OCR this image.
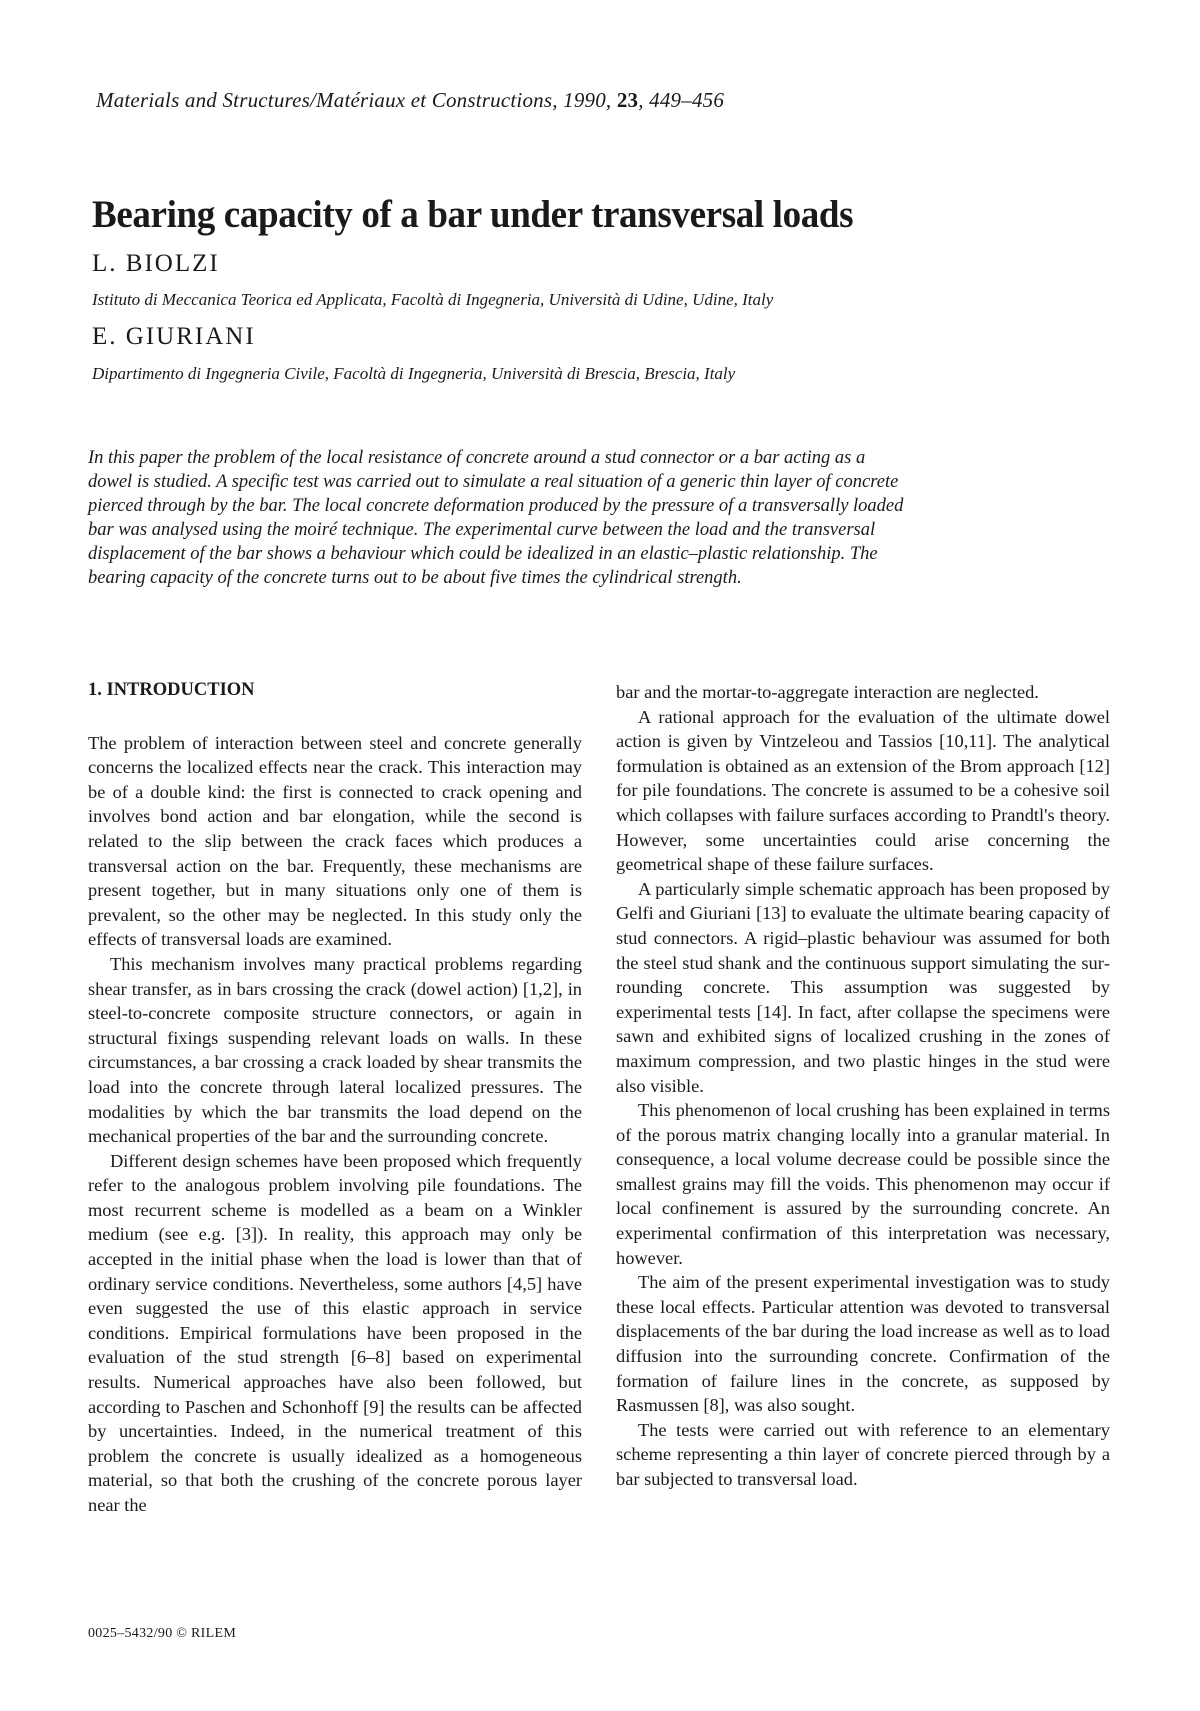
Materials and Structures/Matériaux et Constructions, 1990, 23, 449–456
Bearing capacity of a bar under transversal loads
L. BIOLZI
Istituto di Meccanica Teorica ed Applicata, Facoltà di Ingegneria, Università di Udine, Udine, Italy
E. GIURIANI
Dipartimento di Ingegneria Civile, Facoltà di Ingegneria, Università di Brescia, Brescia, Italy

In this paper the problem of the local resistance of concrete around a stud connector or a bar acting as a dowel is studied. A specific test was carried out to simulate a real situation of a generic thin layer of concrete pierced through by the bar. The local concrete deformation produced by the pressure of a transversally loaded bar was analysed using the moiré technique. The experimental curve between the load and the transversal displacement of the bar shows a behaviour which could be idealized in an elastic–plastic relationship. The bearing capacity of the concrete turns out to be about five times the cylindrical strength.

1. INTRODUCTION

The problem of interaction between steel and concrete generally concerns the localized effects near the crack. This interaction may be of a double kind: the first is connected to crack opening and involves bond action and bar elongation, while the second is related to the slip between the crack faces which produces a transversal action on the bar. Frequently, these mechanisms are present together, but in many situations only one of them is prevalent, so the other may be neglected. In this study only the effects of transversal loads are examined.

This mechanism involves many practical problems regarding shear transfer, as in bars crossing the crack (dowel action) [1,2], in steel-to-concrete composite structure connectors, or again in structural fixings suspending relevant loads on walls. In these circumstances, a bar crossing a crack loaded by shear transmits the load into the concrete through lateral localized pressures. The modalities by which the bar transmits the load depend on the mechanical properties of the bar and the surrounding concrete.

Different design schemes have been proposed which frequently refer to the analogous problem involving pile foundations. The most recurrent scheme is modelled as a beam on a Winkler medium (see e.g. [3]). In reality, this approach may only be accepted in the initial phase when the load is lower than that of ordinary service conditions. Nevertheless, some authors [4,5] have even suggested the use of this elastic approach in service conditions. Empirical formulations have been proposed in the evaluation of the stud strength [6–8] based on experimental results. Numerical approaches have also been followed, but according to Paschen and Schonhoff [9] the results can be affected by uncertainties. Indeed, in the numerical treatment of this problem the concrete is usually idealized as a homogeneous material, so that both the crushing of the concrete porous layer near the

bar and the mortar-to-aggregate interaction are neglected.

A rational approach for the evaluation of the ultimate dowel action is given by Vintzeleou and Tassios [10,11]. The analytical formulation is obtained as an extension of the Brom approach [12] for pile foundations. The concrete is assumed to be a cohesive soil which collapses with failure surfaces according to Prandtl's theory. However, some uncertainties could arise concerning the geometrical shape of these failure surfaces.

A particularly simple schematic approach has been proposed by Gelfi and Giuriani [13] to evaluate the ultimate bearing capacity of stud connectors. A rigid–plastic behaviour was assumed for both the steel stud shank and the continuous support simulating the surrounding concrete. This assumption was suggested by experimental tests [14]. In fact, after collapse the specimens were sawn and exhibited signs of localized crushing in the zones of maximum compression, and two plastic hinges in the stud were also visible.

This phenomenon of local crushing has been explained in terms of the porous matrix changing locally into a granular material. In consequence, a local volume decrease could be possible since the smallest grains may fill the voids. This phenomenon may occur if local confinement is assured by the surrounding concrete. An experimental confirmation of this interpretation was necessary, however.

The aim of the present experimental investigation was to study these local effects. Particular attention was devoted to transversal displacements of the bar during the load increase as well as to load diffusion into the surrounding concrete. Confirmation of the formation of failure lines in the concrete, as supposed by Rasmussen [8], was also sought.

The tests were carried out with reference to an elementary scheme representing a thin layer of concrete pierced through by a bar subjected to transversal load.

0025–5432/90 © RILEM
